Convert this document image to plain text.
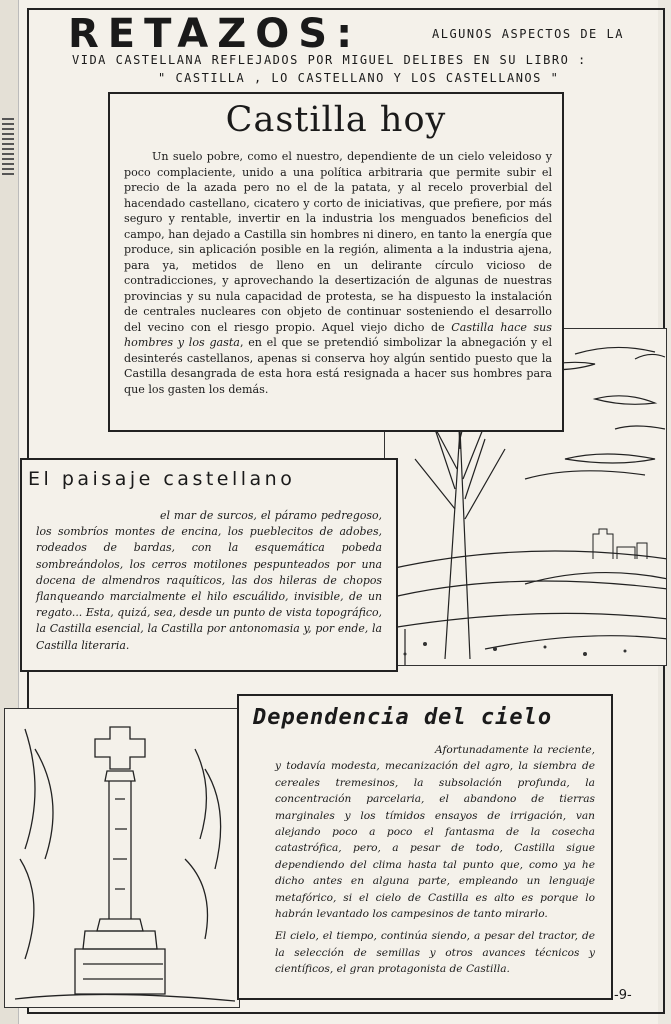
RETAZOS:	ALGUNOS ASPECTOS DE LA
VIDA CASTELLANA REFLEJADOS POR MIGUEL DELIBES EN SU LIBRO :
" CASTILLA , LO CASTELLANO Y LOS CASTELLANOS "
Castilla hoy

Un suelo pobre, como el nuestro, dependiente de un cielo veleidoso y poco complaciente, unido a una política arbitraria que permite subir el precio de la azada pero no el de la patata, y al recelo proverbial del hacendado castellano, cicatero y corto de iniciativas, que prefiere, por más seguro y rentable, invertir en la industria los menguados beneficios del campo, han dejado a Castilla sin hombres ni dinero, en tanto la energía que produce, sin aplicación posible en la región, alimenta a la industria ajena, para ya, metidos de lleno en un delirante círculo vicioso de contradicciones, y aprovechando la desertización de algunas de nuestras provincias y su nula capacidad de protesta, se ha dispuesto la instalación de centrales nucleares con objeto de continuar sosteniendo el desarrollo del vecino con el riesgo propio. Aquel viejo dicho de Castilla hace sus hombres y los gasta, en el que se pretendió simbolizar la abnegación y el desinterés castellanos, apenas si conserva hoy algún sentido puesto que la Castilla desangrada de esta hora está resignada a hacer sus hombres para que los gasten los demás.

El paisaje castellano

el mar de surcos, el páramo pedregoso, los sombríos montes de encina, los pueblecitos de adobes, rodeados de bardas, con la esquemática pobeda sombreándolos, los cerros motilones pespunteados por una docena de almendros raquíticos, las dos hileras de chopos flanqueando marcialmente el hilo escuálido, invisible, de un regato... Esta, quizá, sea, desde un punto de vista topográfico, la Castilla esencial, la Castilla por antonomasia y, por ende, la Castilla literaria.

Dependencia del cielo

Afortunadamente la reciente, y todavía modesta, mecanización del agro, la siembra de cereales tremesinos, la subsolación profunda, la concentración parcelaria, el abandono de tierras marginales y los tímidos ensayos de irrigación, van alejando poco a poco el fantasma de la cosecha catastrófica, pero, a pesar de todo, Castilla sigue dependiendo del clima hasta tal punto que, como ya he dicho antes en alguna parte, empleando un lenguaje metafórico, si el cielo de Castilla es alto es porque lo habrán levantado los campesinos de tanto mirarlo.

El cielo, el tiempo, continúa siendo, a pesar del tractor, de la selección de semillas y otros avances técnicos y científicos, el gran protagonista de Castilla.

-9-
